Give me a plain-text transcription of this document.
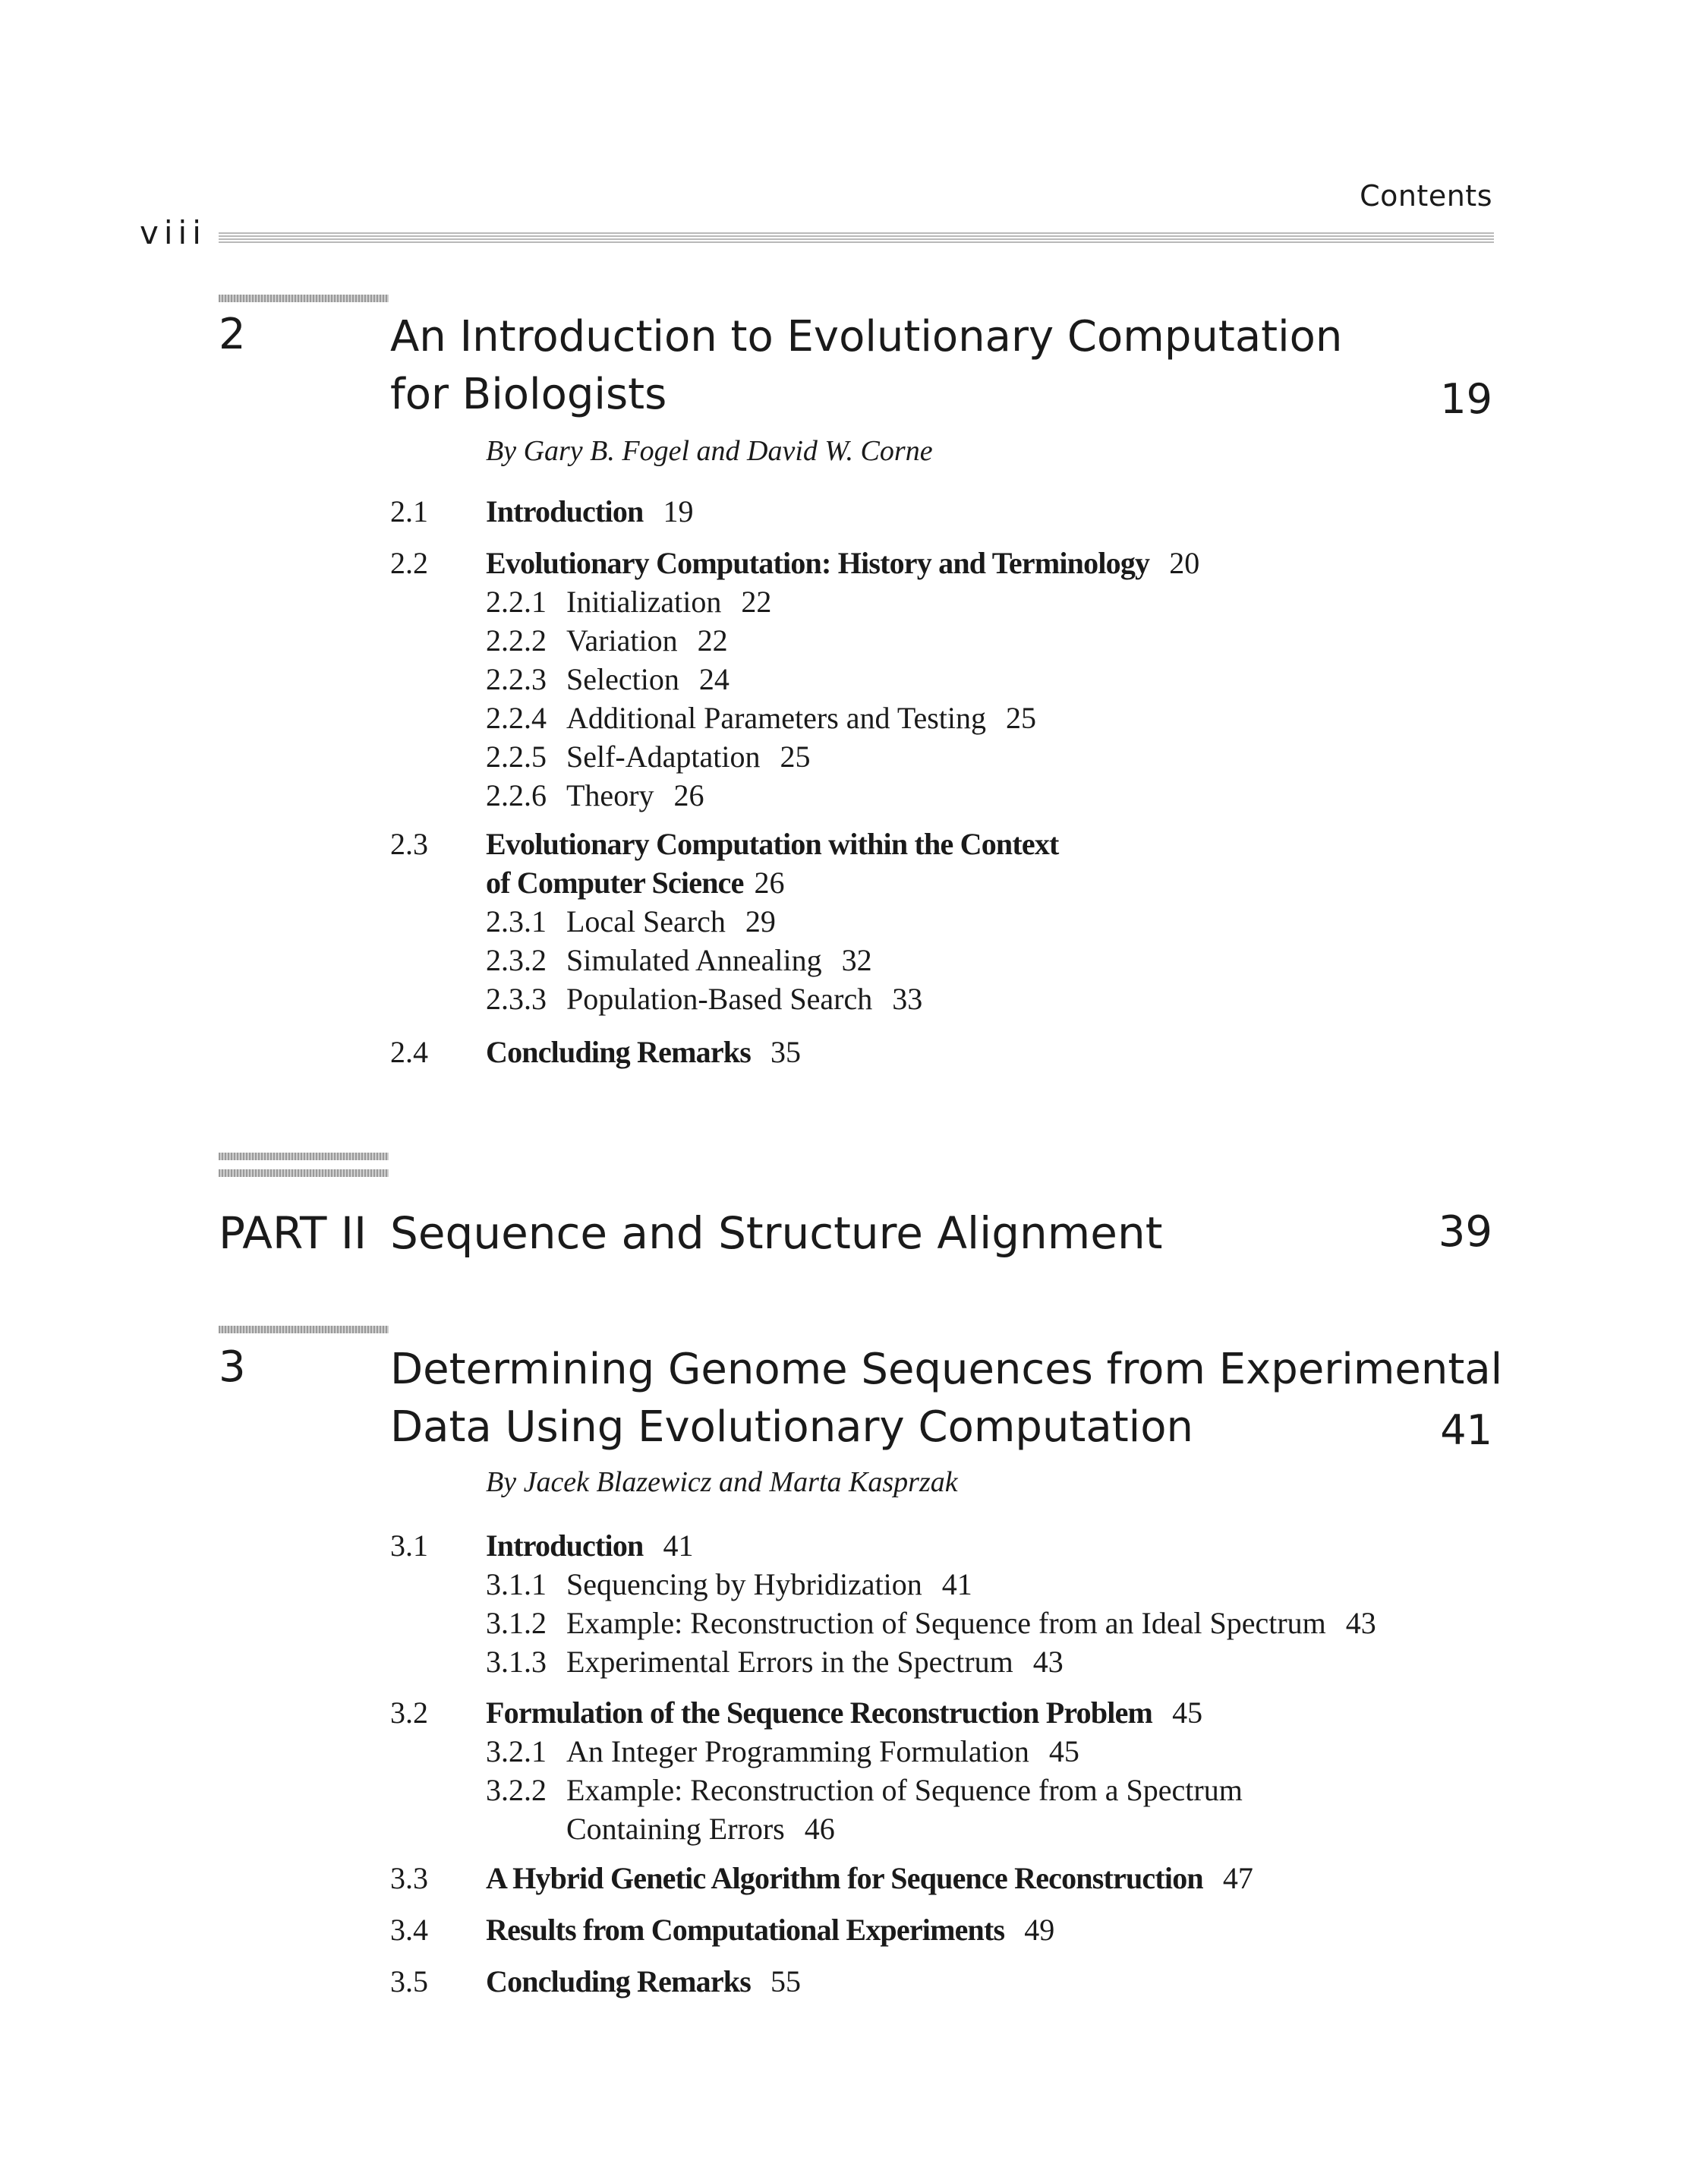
Contents
viii
2	An Introduction to Evolutionary Computation
for Biologists	19
By Gary B. Fogel and David W. Corne
2.1 Introduction 19
2.2 Evolutionary Computation: History and Terminology 20
2.2.1 Initialization 22
2.2.2 Variation 22
2.2.3 Selection 24
2.2.4 Additional Parameters and Testing 25
2.2.5 Self-Adaptation 25
2.2.6 Theory 26
2.3 Evolutionary Computation within the Context
of Computer Science 26
2.3.1 Local Search 29
2.3.2 Simulated Annealing 32
2.3.3 Population-Based Search 33
2.4 Concluding Remarks 35
PART II Sequence and Structure Alignment	39
3	Determining Genome Sequences from Experimental
Data Using Evolutionary Computation	41
By Jacek Blazewicz and Marta Kasprzak
3.1 Introduction 41
3.1.1 Sequencing by Hybridization 41
3.1.2 Example: Reconstruction of Sequence from an Ideal Spectrum 43
3.1.3 Experimental Errors in the Spectrum 43
3.2 Formulation of the Sequence Reconstruction Problem 45
3.2.1 An Integer Programming Formulation 45
3.2.2 Example: Reconstruction of Sequence from a Spectrum
Containing Errors 46
3.3 A Hybrid Genetic Algorithm for Sequence Reconstruction 47
3.4 Results from Computational Experiments 49
3.5 Concluding Remarks 55
